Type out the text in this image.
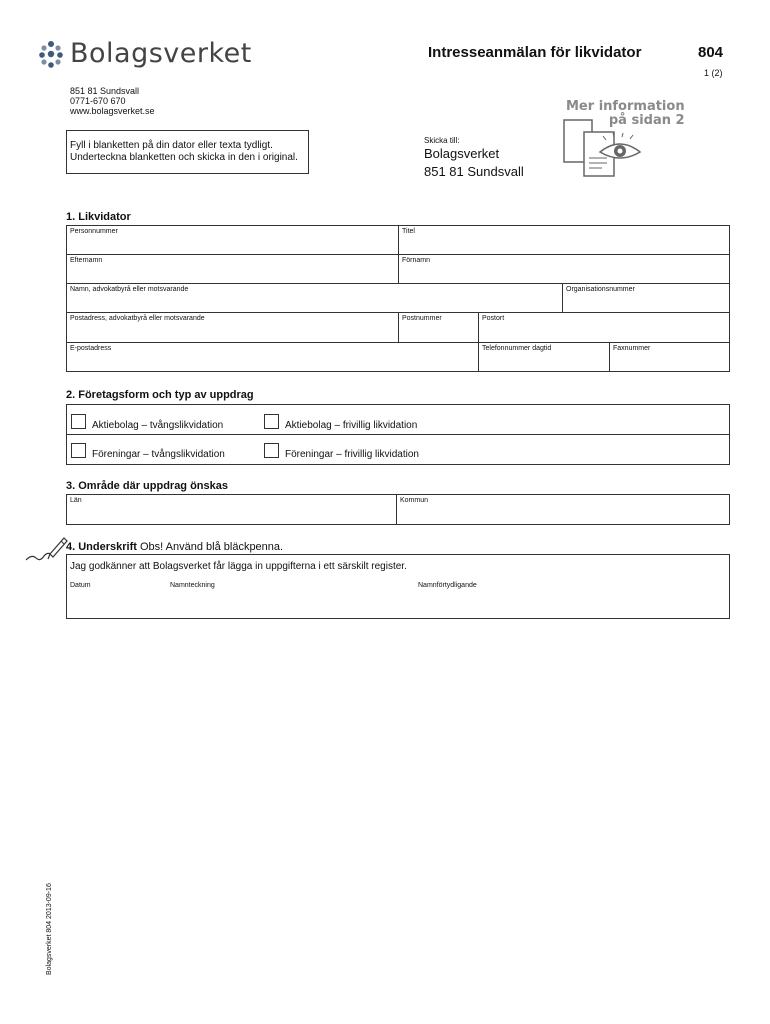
Bolagsverket	Intresseanmälan för likvidator	804
1 (2)
851 81 Sundsvall
0771-670 670
www.bolagsverket.se
Fyll i blanketten på din dator eller texta tydligt.
Underteckna blanketten och skicka in den i original.
Skicka till:
Bolagsverket
851 81 Sundsvall
Mer information
på sidan 2
1. Likvidator
Personnummer	Titel
Efternamn	Förnamn
Namn, advokatbyrå eller motsvarande	Organisationsnummer
Postadress, advokatbyrå eller motsvarande	Postnummer	Postort
E-postadress	Telefonnummer dagtid	Faxnummer
2. Företagsform och typ av uppdrag
Aktiebolag – tvångslikvidation	Aktiebolag – frivillig likvidation
Föreningar – tvångslikvidation	Föreningar – frivillig likvidation
3. Område där uppdrag önskas
Län	Kommun
4. Underskrift Obs! Använd blå bläckpenna.
Jag godkänner att Bolagsverket får lägga in uppgifterna i ett särskilt register.
Datum	Namnteckning	Namnförtydligande
Bolagsverket 804 2013-09-16
